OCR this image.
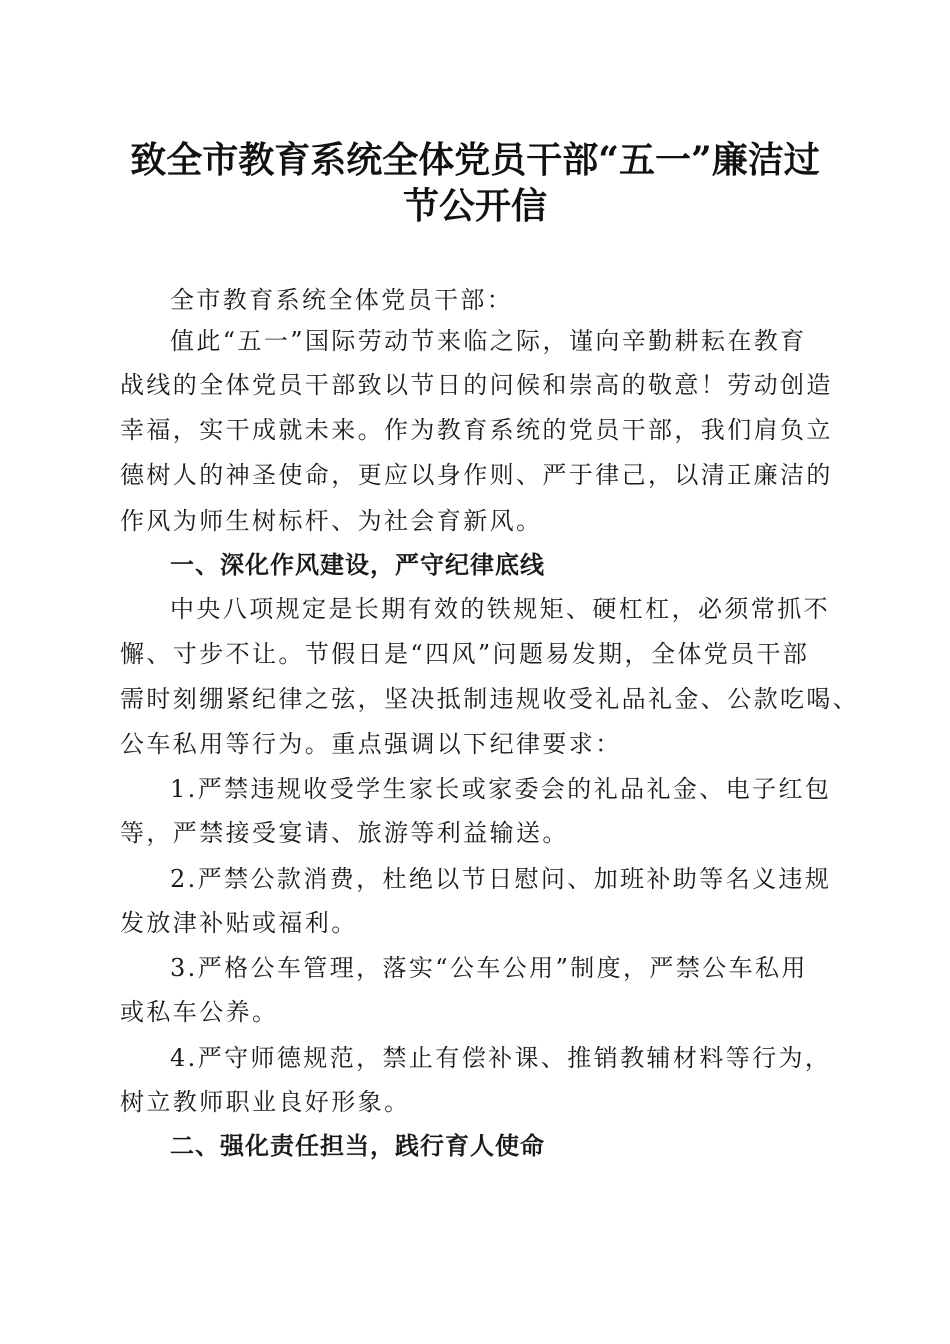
致全市教育系统全体党员干部“五一”廉洁过
节公开信

全市教育系统全体党员干部：

值此“五一”国际劳动节来临之际，谨向辛勤耕耘在教育

战线的全体党员干部致以节日的问候和崇高的敬意！劳动创造

幸福，实干成就未来。作为教育系统的党员干部，我们肩负立

德树人的神圣使命，更应以身作则、严于律己，以清正廉洁的

作风为师生树标杆、为社会育新风。

一、深化作风建设，严守纪律底线

中央八项规定是长期有效的铁规矩、硬杠杠，必须常抓不

懈、寸步不让。节假日是“四风”问题易发期，全体党员干部

需时刻绷紧纪律之弦，坚决抵制违规收受礼品礼金、公款吃喝、

公车私用等行为。重点强调以下纪律要求：

1.严禁违规收受学生家长或家委会的礼品礼金、电子红包

等，严禁接受宴请、旅游等利益输送。

2.严禁公款消费，杜绝以节日慰问、加班补助等名义违规

发放津补贴或福利。

3.严格公车管理，落实“公车公用”制度，严禁公车私用

或私车公养。

4.严守师德规范，禁止有偿补课、推销教辅材料等行为，

树立教师职业良好形象。

二、强化责任担当，践行育人使命
